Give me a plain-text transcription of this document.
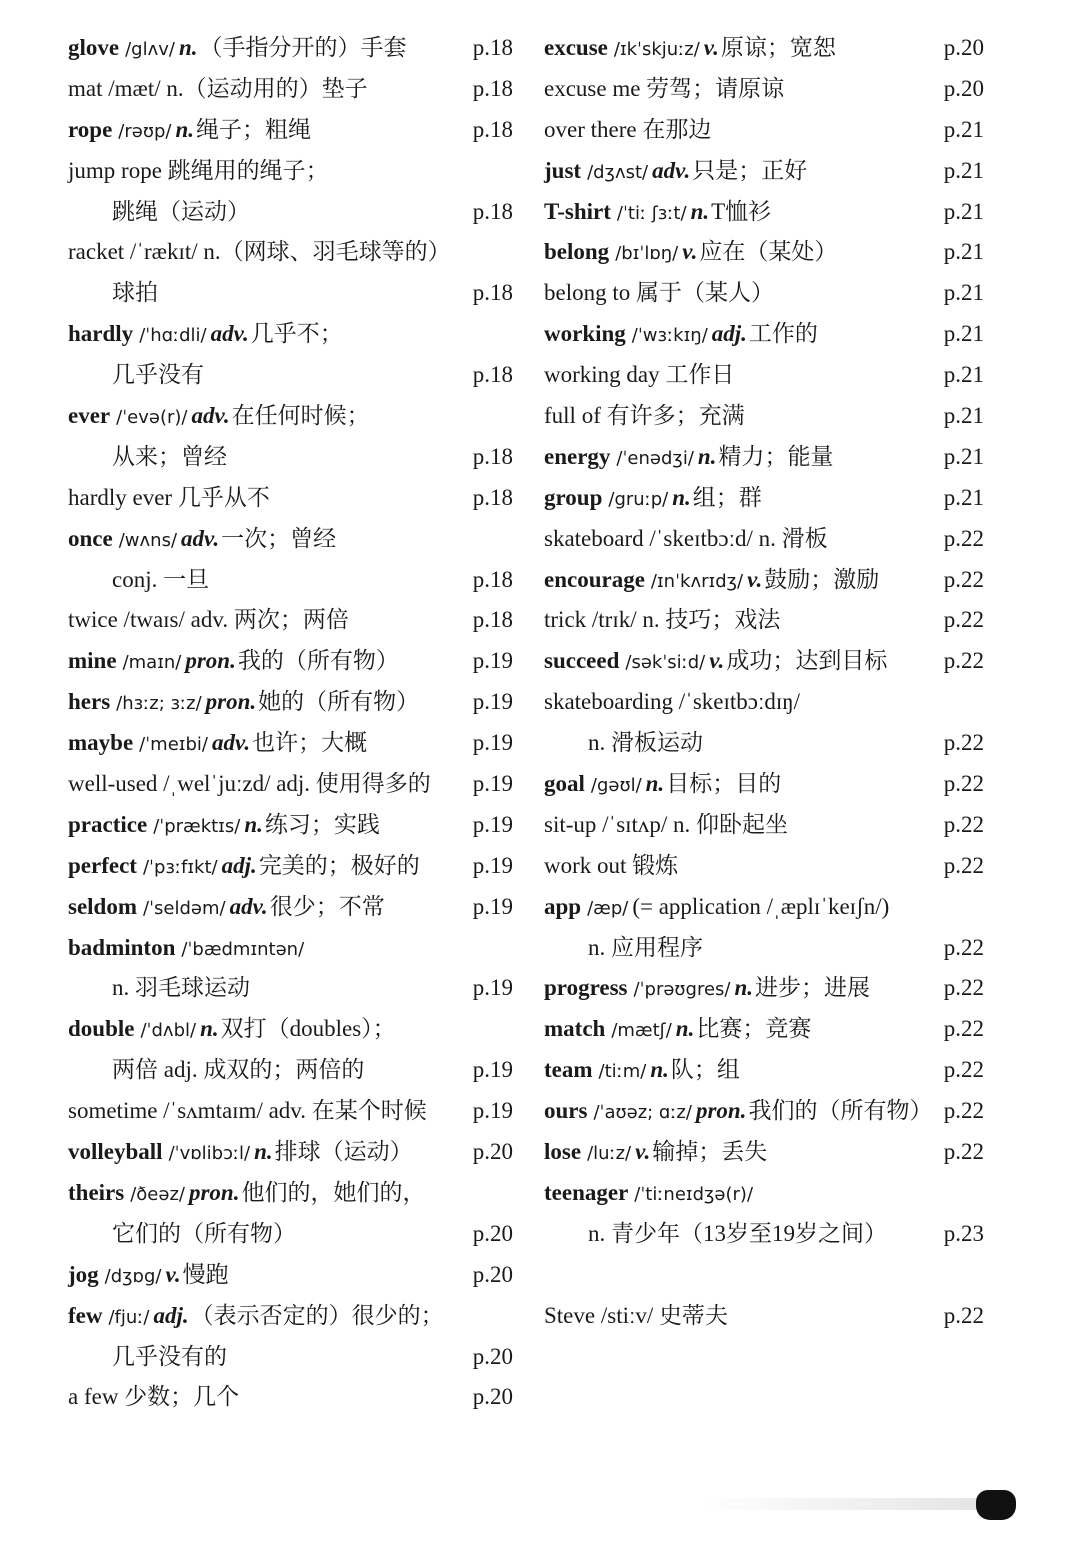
glove /glʌv/ n.（手指分开的）手套	p.18
mat /mæt/ n.（运动用的）垫子	p.18
rope /rəʊp/ n.绳子；粗绳	p.18
jump rope 跳绳用的绳子；
跳绳（运动）	p.18
racket /ˈrækɪt/ n.（网球、羽毛球等的）
球拍	p.18
hardly /ˈhɑːdli/ adv.几乎不；
几乎没有	p.18
ever /ˈevə(r)/ adv.在任何时候；
从来；曾经	p.18
hardly ever 几乎从不	p.18
once /wʌns/ adv.一次；曾经
conj. 一旦	p.18
twice /twaɪs/ adv. 两次；两倍	p.18
mine /maɪn/ pron.我的（所有物）	p.19
hers /hɜːz; ɜːz/ pron.她的（所有物） p.19
maybe /ˈmeɪbi/ adv.也许；大概	p.19
well-used /ˌwelˈjuːzd/ adj. 使用得多的 p.19
practice /ˈpræktɪs/ n.练习；实践	p.19
perfect /ˈpɜːfɪkt/ adj.完美的；极好的 p.19
seldom /ˈseldəm/ adv.很少；不常	p.19
badminton /ˈbædmɪntən/
n. 羽毛球运动	p.19
double /ˈdʌbl/ n.双打（doubles）；
两倍 adj. 成双的；两倍的	p.19
sometime /ˈsʌmtaɪm/ adv. 在某个时候 p.19
volleyball /ˈvɒlibɔːl/ n.排球（运动）	p.20
theirs /ðeəz/ pron.他们的，她们的，
它们的（所有物）	p.20
jog /dʒɒg/ v.慢跑	p.20
few /fjuː/ adj.（表示否定的）很少的；
几乎没有的	p.20
a few 少数；几个	p.20
excuse /ɪkˈskjuːz/ v.原谅；宽恕	p.20
excuse me 劳驾；请原谅	p.20
over there 在那边	p.21
just /dʒʌst/ adv.只是；正好	p.21
T-shirt /ˈtiː ʃɜːt/ n.T恤衫	p.21
belong /bɪˈlɒŋ/ v.应在（某处）	p.21
belong to 属于（某人）	p.21
working /ˈwɜːkɪŋ/ adj.工作的	p.21
working day 工作日	p.21
full of 有许多；充满	p.21
energy /ˈenədʒi/ n.精力；能量	p.21
group /gruːp/ n.组；群	p.21
skateboard /ˈskeɪtbɔːd/ n. 滑板	p.22
encourage /ɪnˈkʌrɪdʒ/ v.鼓励；激励	p.22
trick /trɪk/ n. 技巧；戏法	p.22
succeed /səkˈsiːd/ v.成功；达到目标 p.22
skateboarding /ˈskeɪtbɔːdɪŋ/
n. 滑板运动	p.22
goal /gəʊl/ n.目标；目的	p.22
sit-up /ˈsɪtʌp/ n. 仰卧起坐	p.22
work out 锻炼	p.22
app /æp/ (= application /ˌæplɪˈkeɪʃn/)
n. 应用程序	p.22
progress /ˈprəʊgres/ n.进步；进展	p.22
match /mætʃ/ n.比赛；竞赛	p.22
team /tiːm/ n.队；组	p.22
ours /ˈaʊəz; ɑːz/ pron.我们的（所有物） p.22
lose /luːz/ v.输掉；丢失	p.22
teenager /ˈtiːneɪdʒə(r)/
n. 青少年（13岁至19岁之间） p.23
Steve /stiːv/ 史蒂夫	p.22
